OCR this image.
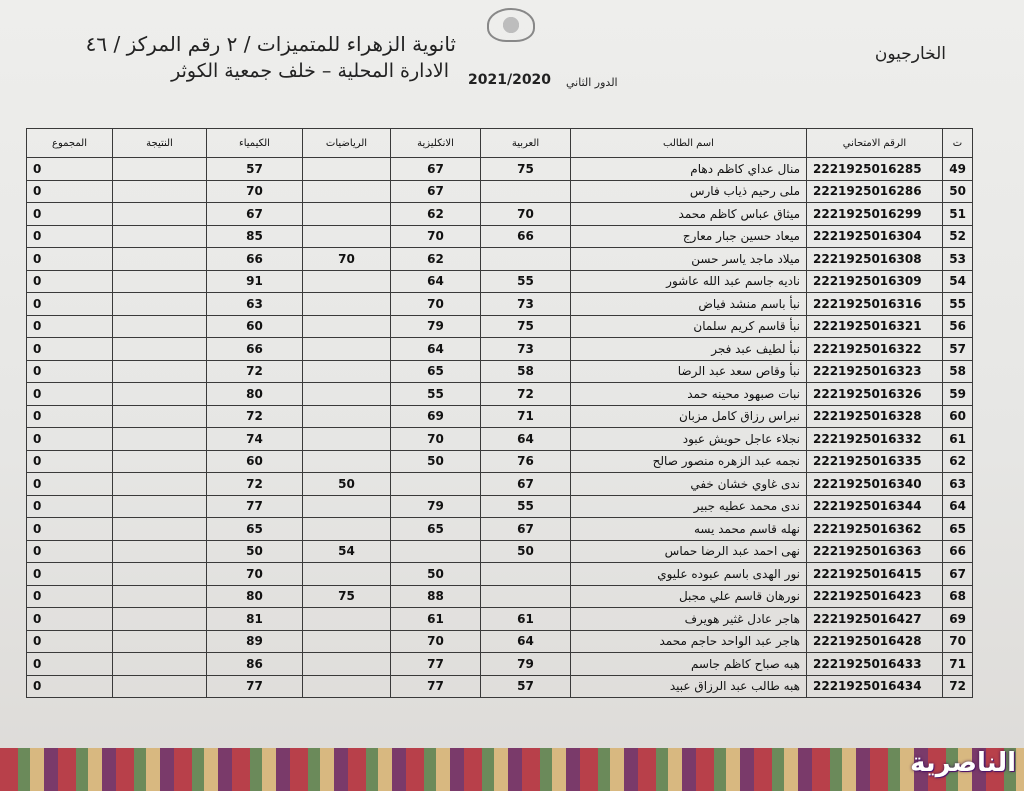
ثانوية الزهراء للمتميزات / ٢ رقم المركز / ٤٦
الادارة المحلية – خلف جمعية الكوثر
الدور الثاني
2021/2020
الخارجيون
ت	الرقم الامتحاني	اسم الطالب	العربية	الانكليزية	الرياضيات	الكيمياء	النتيجة	المجموع
49	2221925016285	منال عداي كاظم دهام	75	67		57		0
50	2221925016286	ملى رحيم ذياب فارس		67		70		0
51	2221925016299	ميثاق عباس كاظم محمد	70	62		67		0
52	2221925016304	ميعاد حسين جبار معارج	66	70		85		0
53	2221925016308	ميلاد ماجد ياسر حسن		62	70	66		0
54	2221925016309	ناديه جاسم عبد الله عاشور	55	64		91		0
55	2221925016316	نبأ باسم منشد فياض	73	70		63		0
56	2221925016321	نبأ قاسم كريم سلمان	75	79		60		0
57	2221925016322	نبأ لطيف عبد فجر	73	64		66		0
58	2221925016323	نبأ وقاص سعد عبد الرضا	58	65		72		0
59	2221925016326	نبات صبهود محينه حمد	72	55		80		0
60	2221925016328	نبراس رزاق كامل مزبان	71	69		72		0
61	2221925016332	نجلاء عاجل حويش عبود	64	70		74		0
62	2221925016335	نجمه عبد الزهره منصور صالح	76	50		60		0
63	2221925016340	ندى غاوي خشان خفي	67		50	72		0
64	2221925016344	ندى محمد عطيه جبير	55	79		77		0
65	2221925016362	نهله قاسم محمد يسه	67	65		65		0
66	2221925016363	نهى احمد عبد الرضا حماس	50		54	50		0
67	2221925016415	نور الهدى باسم عبوده عليوي		50		70		0
68	2221925016423	نورهان قاسم علي مجبل		88	75	80		0
69	2221925016427	هاجر عادل غثير هويرف	61	61		81		0
70	2221925016428	هاجر عبد الواحد حاجم محمد	64	70		89		0
71	2221925016433	هبه صباح كاظم جاسم	79	77		86		0
72	2221925016434	هبه طالب عبد الرزاق عبيد	57	77		77		0
الناصرية
